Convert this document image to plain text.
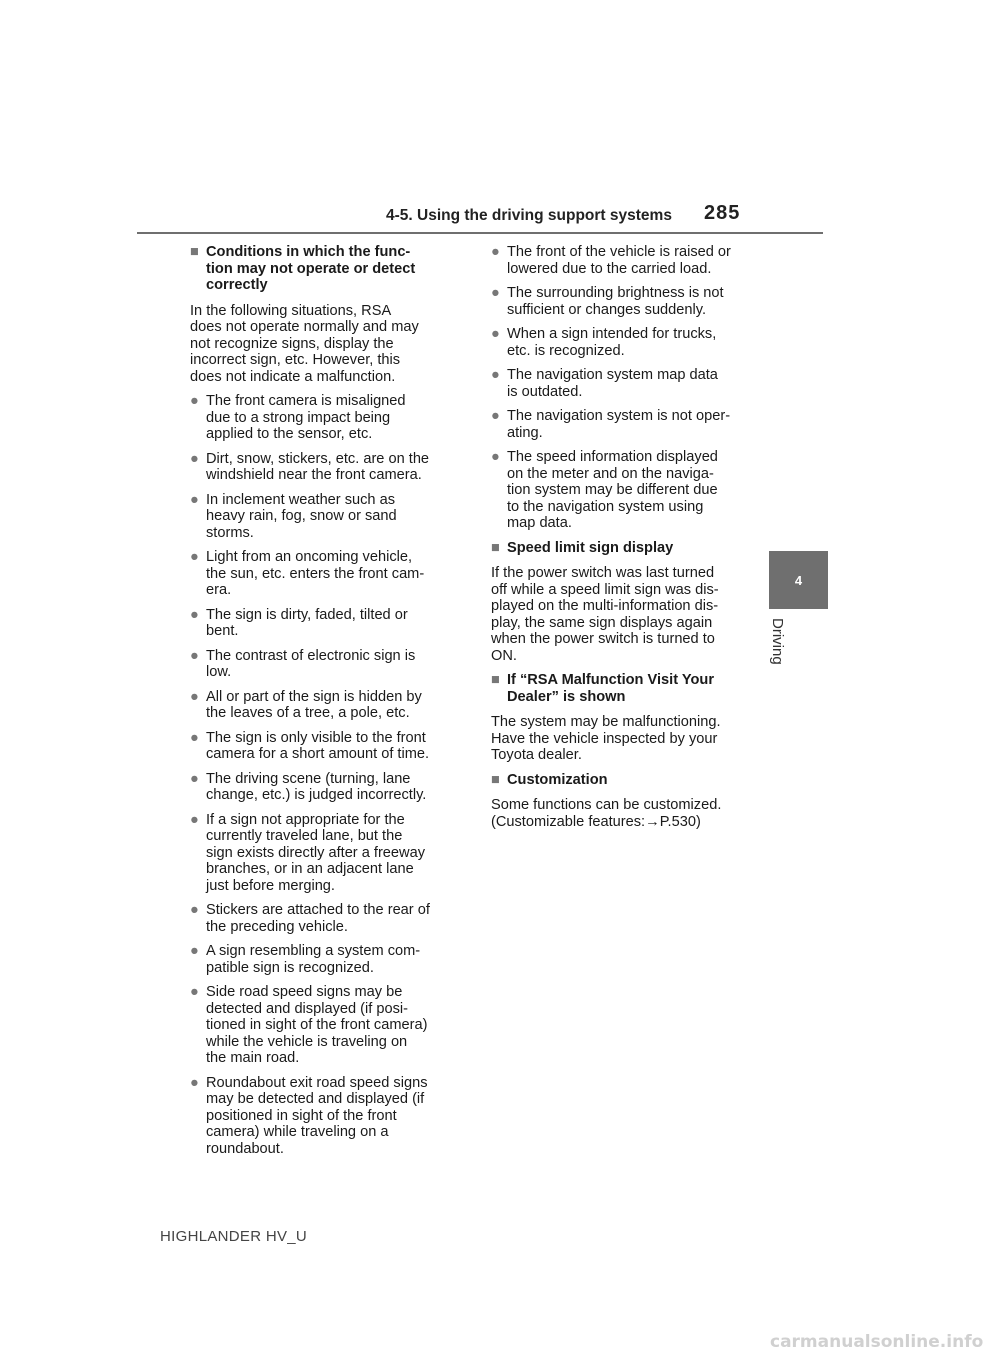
4-5. Using the driving support systems 285
4
Driving
■ Conditions in which the func-
tion may not operate or detect
correctly
In the following situations, RSA
does not operate normally and may
not recognize signs, display the
incorrect sign, etc. However, this
does not indicate a malfunction.
● The front camera is misaligned
due to a strong impact being
applied to the sensor, etc.
● Dirt, snow, stickers, etc. are on the
windshield near the front camera.
● In inclement weather such as
heavy rain, fog, snow or sand
storms.
● Light from an oncoming vehicle,
the sun, etc. enters the front cam-
era.
● The sign is dirty, faded, tilted or
bent.
● The contrast of electronic sign is
low.
● All or part of the sign is hidden by
the leaves of a tree, a pole, etc.
● The sign is only visible to the front
camera for a short amount of time.
● The driving scene (turning, lane
change, etc.) is judged incorrectly.
● If a sign not appropriate for the
currently traveled lane, but the
sign exists directly after a freeway
branches, or in an adjacent lane
just before merging.
● Stickers are attached to the rear of
the preceding vehicle.
● A sign resembling a system com-
patible sign is recognized.
● Side road speed signs may be
detected and displayed (if posi-
tioned in sight of the front camera)
while the vehicle is traveling on
the main road.
● Roundabout exit road speed signs
may be detected and displayed (if
positioned in sight of the front
camera) while traveling on a
roundabout.
● The front of the vehicle is raised or
lowered due to the carried load.
● The surrounding brightness is not
sufficient or changes suddenly.
● When a sign intended for trucks,
etc. is recognized.
● The navigation system map data
is outdated.
● The navigation system is not oper-
ating.
● The speed information displayed
on the meter and on the naviga-
tion system may be different due
to the navigation system using
map data.
■ Speed limit sign display
If the power switch was last turned
off while a speed limit sign was dis-
played on the multi-information dis-
play, the same sign displays again
when the power switch is turned to
ON.
■ If “RSA Malfunction Visit Your
Dealer” is shown
The system may be malfunctioning.
Have the vehicle inspected by your
Toyota dealer.
■ Customization
Some functions can be customized.
(Customizable features:→P.530)
HIGHLANDER HV_U
carmanualsonline.info
